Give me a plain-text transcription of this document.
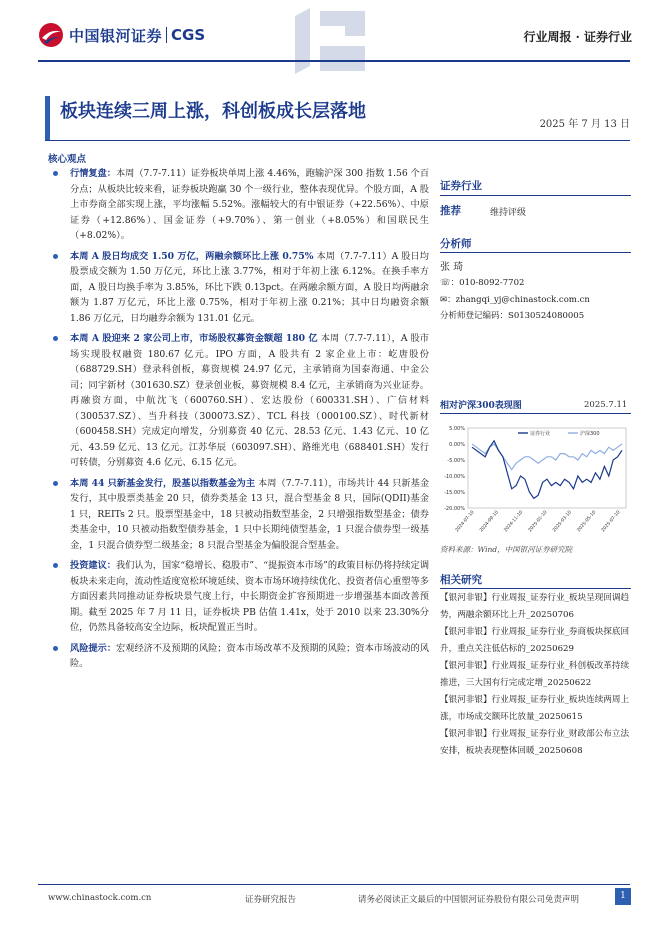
中国银河证券 CGS	行业周报 · 证券行业
板块连续三周上涨，科创板成长层落地
2025 年 7 月 13 日
核心观点
行情复盘：本周（7.7-7.11）证券板块单周上涨 4.46%，跑输沪深 300 指数 1.56 个百分点；从板块比较来看，证券板块跑赢 30 个一级行业，整体表现优异。个股方面，A 股上市券商全部实现上涨，平均涨幅 5.52%。涨幅较大的有中银证券（+22.56%）、中原证券（+12.86%）、国金证券（+9.70%）、第一创业（+8.05%）和国联民生（+8.02%）。
本周 A 股日均成交 1.50 万亿，两融余额环比上涨 0.75% 本周（7.7-7.11）A 股日均股票成交额为 1.50 万亿元，环比上涨 3.77%，相对于年初上涨 6.12%。在换手率方面，A 股日均换手率为 3.85%，环比下跌 0.13pct。在两融余额方面，A 股日均两融余额为 1.87 万亿元，环比上涨 0.75%，相对于年初上涨 0.21%；其中日均融资余额 1.86 万亿元，日均融券余额为 131.01 亿元。
本周 A 股迎来 2 家公司上市，市场股权募资金额超 180 亿 本周（7.7-7.11），A 股市场实现股权融资 180.67 亿元。IPO 方面，A 股共有 2 家企业上市：屹唐股份（688729.SH）登录科创板，募资规模 24.97 亿元，主承销商为国泰海通、中金公司；同宇新材（301630.SZ）登录创业板，募资规模 8.4 亿元，主承销商为兴业证券。再融资方面，中航沈飞（600760.SH）、宏达股份（600331.SH）、广信材料（300537.SZ）、当升科技（300073.SZ）、TCL 科技（000100.SZ）、时代新材（600458.SH）完成定向增发，分别募资 40 亿元、28.53 亿元、1.43 亿元、10 亿元、43.59 亿元、13 亿元。江苏华辰（603097.SH）、路维光电（688401.SH）发行可转债，分别募资 4.6 亿元、6.15 亿元。
本周 44 只新基金发行，股基以指数基金为主 本周（7.7-7.11），市场共计 44 只新基金发行，其中股票类基金 20 只，债券类基金 13 只，混合型基金 8 只，国际(QDII)基金 1 只，REITs 2 只。股票型基金中，18 只被动指数型基金，2 只增强指数型基金；债券类基金中，10 只被动指数型债券基金，1 只中长期纯债型基金，1 只混合债券型一级基金，1 只混合债券型二级基金；8 只混合型基金为偏股混合型基金。
投资建议：我们认为，国家“稳增长、稳股市”、“提振资本市场”的政策目标仍将持续定调板块未来走向，流动性适度宽松环境延续、资本市场环境持续优化、投资者信心重塑等多方面因素共同推动证券板块景气度上行，中长期资金扩容预期进一步增强基本面改善预期。截至 2025 年 7 月 11 日，证券板块 PB 估值 1.41x，处于 2010 以来 23.30%分位，仍然具备较高安全边际，板块配置正当时。
风险提示：宏观经济不及预期的风险；资本市场改革不及预期的风险；资本市场波动的风险。
证券行业
推荐	维持评级
分析师
张 琦
☏：010-8092-7702
✉：zhangqi_yj@chinastock.com.cn
分析师登记编码：S0130524080005
相对沪深300表现图	2025.7.11
5.00%
0.00%
-5.00%
-10.00%
-15.00%
-20.00%
2024-07-10 2024-09-10 2024-11-10 2025-01-10 2025-03-10 2025-05-10 2025-07-10
证券行业	沪深300
资料来源：Wind，中国银河证券研究院
相关研究
【银河非银】行业周报_证券行业_板块呈现回调趋势，两融余额环比上升_20250706
【银河非银】行业周报_证券行业_券商板块探底回升，重点关注低估标的_20250629
【银河非银】行业周报_证券行业_科创板改革持续推进，三大国有行完成定增_20250622
【银河非银】行业周报_证券行业_板块连续两周上涨，市场成交额环比放量_20250615
【银河非银】行业周报_证券行业_财政部公布立法安排，板块表现整体回暖_20250608
www.chinastock.com.cn	证券研究报告	请务必阅读正文最后的中国银河证券股份有限公司免责声明	1
